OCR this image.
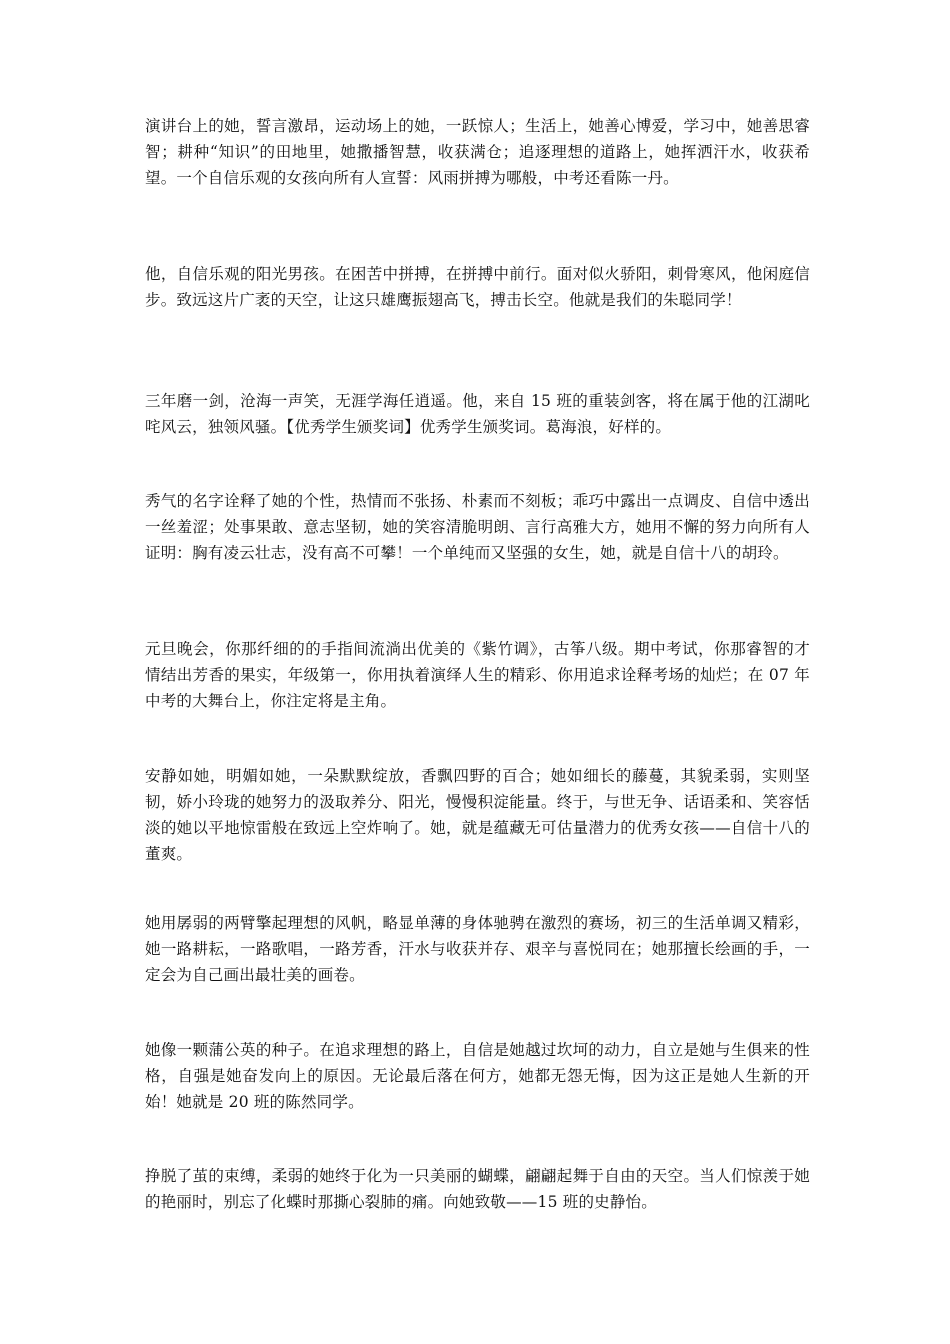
演讲台上的她，誓言激昂，运动场上的她，一跃惊人；生活上，她善心博爱，学习中，她善思睿智；耕种“知识”的田地里，她撒播智慧，收获满仓；追逐理想的道路上，她挥洒汗水，收获希望。一个自信乐观的女孩向所有人宣誓：风雨拼搏为哪般，中考还看陈一丹。

他，自信乐观的阳光男孩。在困苦中拼搏，在拼搏中前行。面对似火骄阳，刺骨寒风，他闲庭信步。致远这片广袤的天空，让这只雄鹰振翅高飞，搏击长空。他就是我们的朱聪同学！

三年磨一剑，沧海一声笑，无涯学海任逍遥。他，来自 15 班的重装剑客，将在属于他的江湖叱咤风云，独领风骚。【优秀学生颁奖词】优秀学生颁奖词。葛海浪，好样的。

秀气的名字诠释了她的个性，热情而不张扬、朴素而不刻板；乖巧中露出一点调皮、自信中透出一丝羞涩；处事果敢、意志坚韧，她的笑容清脆明朗、言行高雅大方，她用不懈的努力向所有人证明：胸有凌云壮志，没有高不可攀！一个单纯而又坚强的女生，她，就是自信十八的胡玲。

元旦晚会，你那纤细的的手指间流淌出优美的《紫竹调》，古筝八级。期中考试，你那睿智的才情结出芳香的果实，年级第一，你用执着演绎人生的精彩、你用追求诠释考场的灿烂；在 07 年中考的大舞台上，你注定将是主角。

安静如她，明媚如她，一朵默默绽放，香飘四野的百合；她如细长的藤蔓，其貌柔弱，实则坚韧，娇小玲珑的她努力的汲取养分、阳光，慢慢积淀能量。终于，与世无争、话语柔和、笑容恬淡的她以平地惊雷般在致远上空炸响了。她，就是蕴藏无可估量潜力的优秀女孩——自信十八的董爽。

她用孱弱的两臂擎起理想的风帆，略显单薄的身体驰骋在激烈的赛场，初三的生活单调又精彩，她一路耕耘，一路歌唱，一路芳香，汗水与收获并存、艰辛与喜悦同在；她那擅长绘画的手，一定会为自己画出最壮美的画卷。

她像一颗蒲公英的种子。在追求理想的路上，自信是她越过坎坷的动力，自立是她与生俱来的性格，自强是她奋发向上的原因。无论最后落在何方，她都无怨无悔，因为这正是她人生新的开始！她就是 20 班的陈然同学。

挣脱了茧的束缚，柔弱的她终于化为一只美丽的蝴蝶，翩翩起舞于自由的天空。当人们惊羡于她的艳丽时，别忘了化蝶时那撕心裂肺的痛。向她致敬——15 班的史静怡。
